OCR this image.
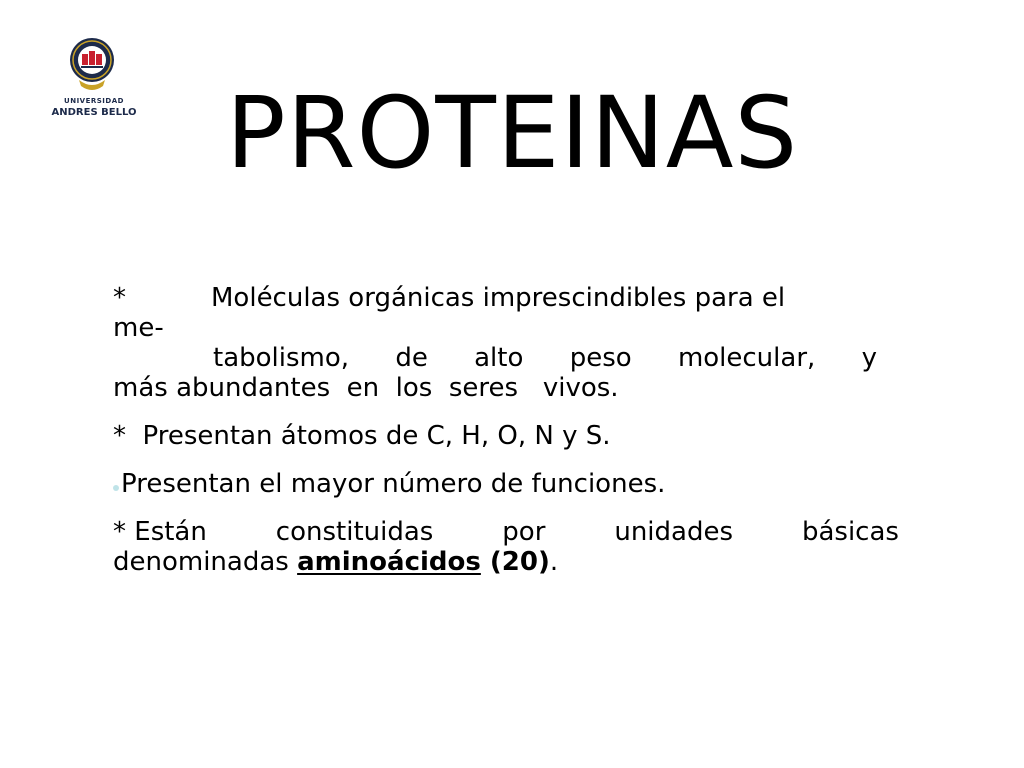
UNIVERSIDAD
ANDRES BELLO PROTEINAS
*	Moléculas orgánicas imprescindibles para el
me-
tabolismo, de alto peso molecular, y
más abundantes  en  los  seres   vivos.
*  Presentan átomos de C, H, O, N y S.
Presentan el mayor número de funciones.
* Están	constituidas	por	unidades	básicas
denominadas aminoácidos (20).
